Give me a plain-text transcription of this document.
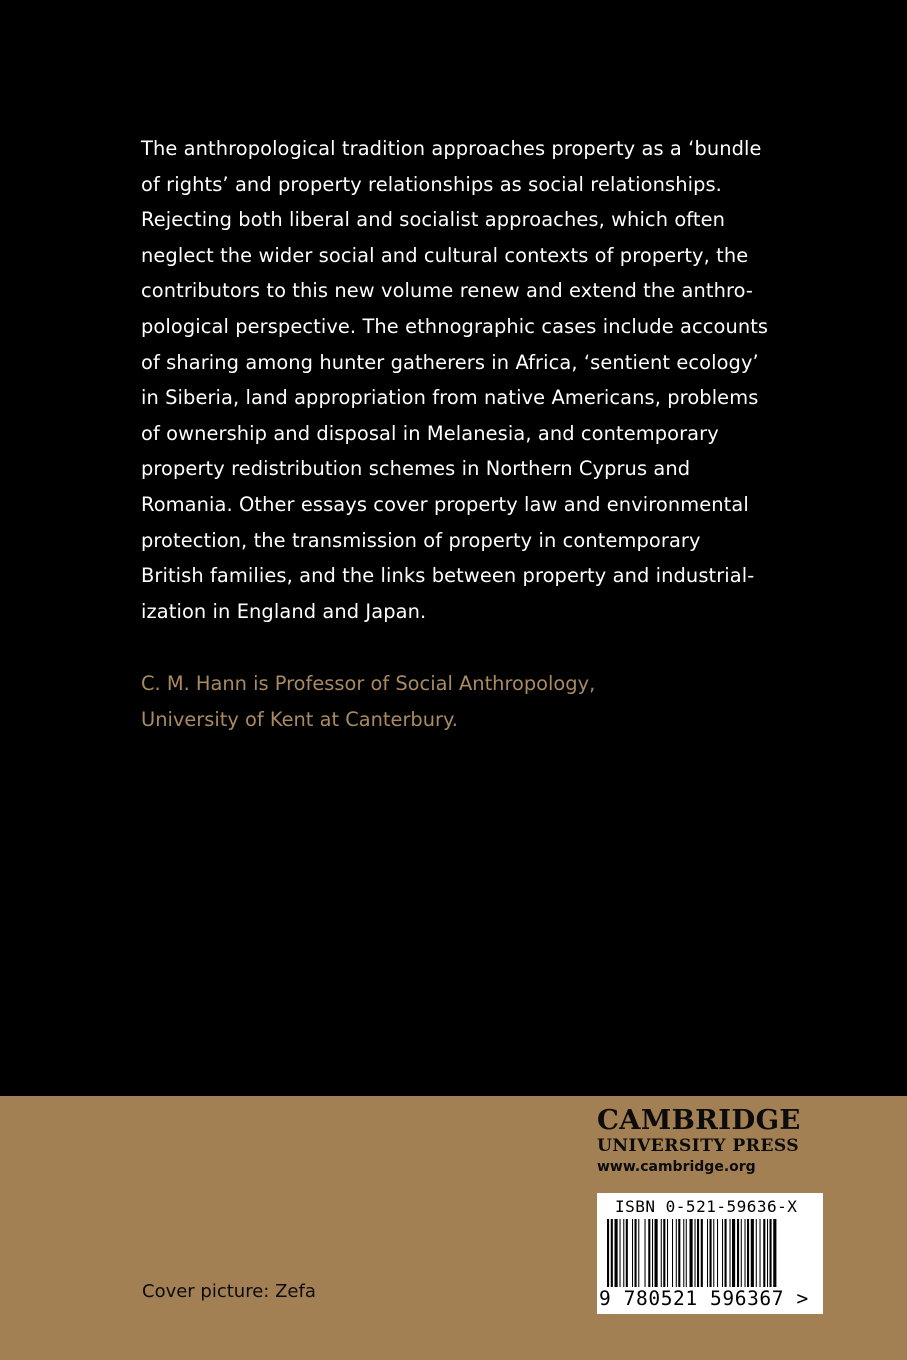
The anthropological tradition approaches property as a ‘bundle
of rights’ and property relationships as social relationships.
Rejecting both liberal and socialist approaches, which often
neglect the wider social and cultural contexts of property, the
contributors to this new volume renew and extend the anthro-
pological perspective. The ethnographic cases include accounts
of sharing among hunter gatherers in Africa, ‘sentient ecology’
in Siberia, land appropriation from native Americans, problems
of ownership and disposal in Melanesia, and contemporary
property redistribution schemes in Northern Cyprus and
Romania. Other essays cover property law and environmental
protection, the transmission of property in contemporary
British families, and the links between property and industrial-
ization in England and Japan.

C. M. Hann is Professor of Social Anthropology,
University of Kent at Canterbury.

CAMBRIDGE
UNIVERSITY PRESS
www.cambridge.org
ISBN 0-521-59636-X
9 780521 596367 >
Cover picture: Zefa
